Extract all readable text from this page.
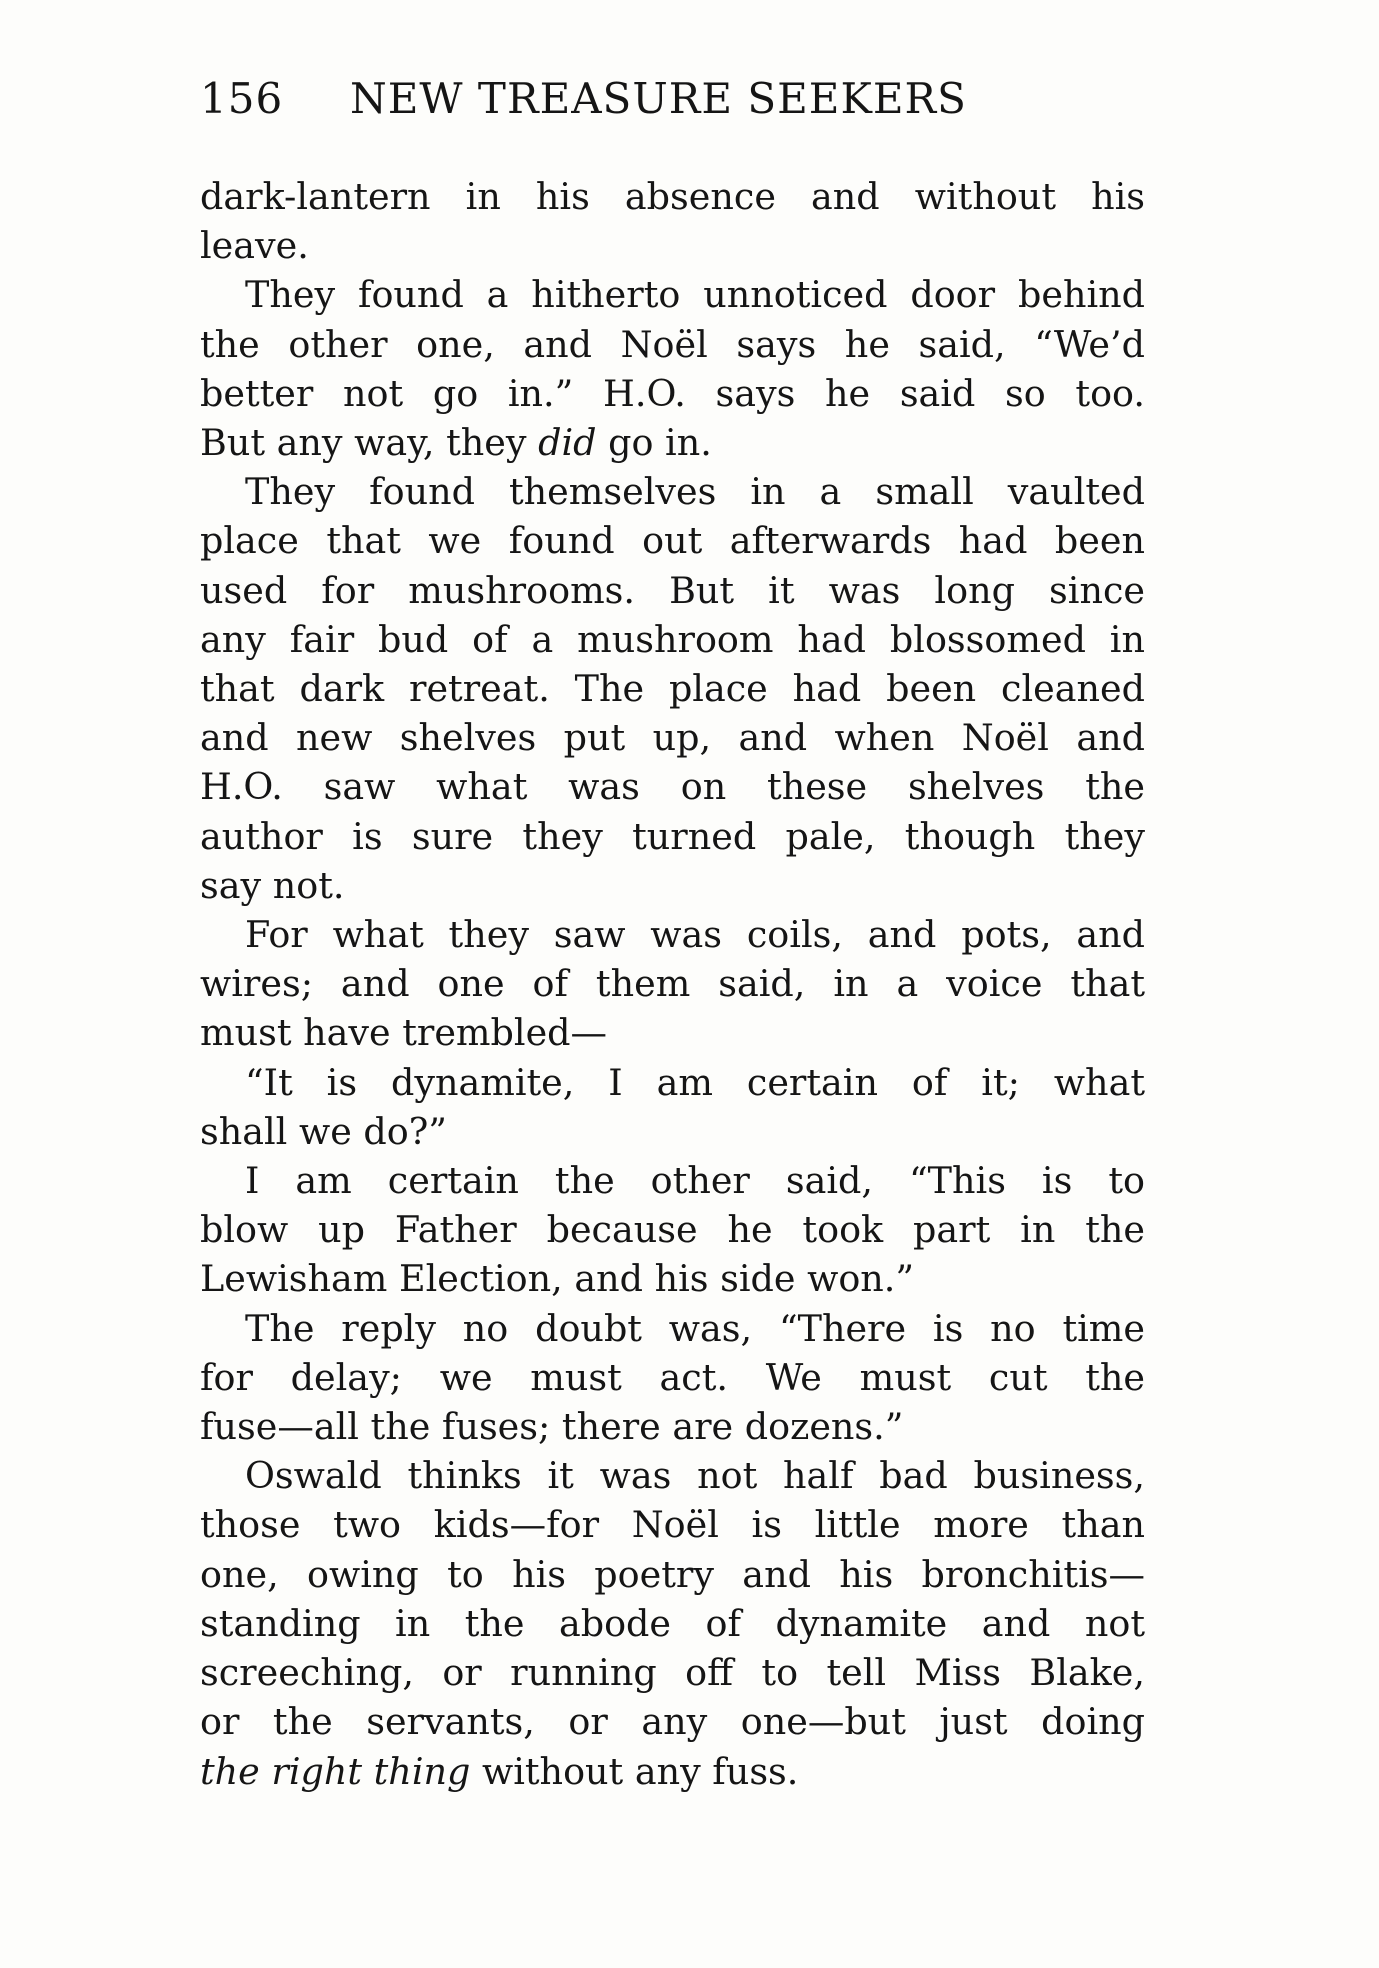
156 NEW TREASURE SEEKERS

dark-lantern in his absence and without his
leave.

They found a hitherto unnoticed door behind
the other one, and Noël says he said, “We’d
better not go in.” H.O. says he said so too.
But any way, they did go in.

They found themselves in a small vaulted
place that we found out afterwards had been
used for mushrooms. But it was long since
any fair bud of a mushroom had blossomed in
that dark retreat. The place had been cleaned
and new shelves put up, and when Noël and
H.O. saw what was on these shelves the
author is sure they turned pale, though they
say not.

For what they saw was coils, and pots, and
wires; and one of them said, in a voice that
must have trembled—

“It is dynamite, I am certain of it; what
shall we do?”

I am certain the other said, “This is to
blow up Father because he took part in the
Lewisham Election, and his side won.”

The reply no doubt was, “There is no time
for delay; we must act. We must cut the
fuse—all the fuses; there are dozens.”

Oswald thinks it was not half bad business,
those two kids—for Noël is little more than
one, owing to his poetry and his bronchitis—
standing in the abode of dynamite and not
screeching, or running off to tell Miss Blake,
or the servants, or any one—but just doing
the right thing without any fuss.
